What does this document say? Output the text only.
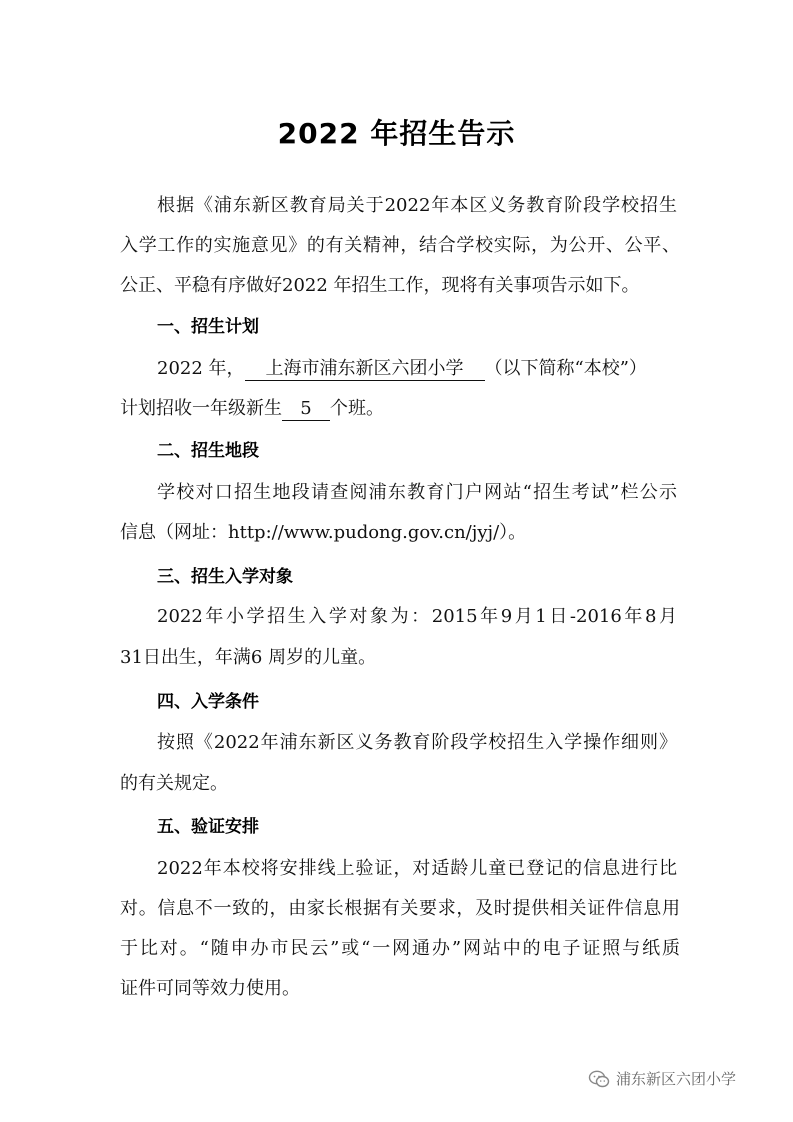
2022 年招生告示
根据《浦东新区教育局关于2022年本区义务教育阶段学校招生
入学工作的实施意见》的有关精神，结合学校实际，为公开、公平、
公正、平稳有序做好2022 年招生工作，现将有关事项告示如下。
一、招生计划
2022 年， 上海市浦东新区六团小学 （以下简称“本校”）
计划招收一年级新生 5 个班。
二、招生地段
学校对口招生地段请查阅浦东教育门户网站“招生考试”栏公示
信息（网址：http://www.pudong.gov.cn/jyj/）。
三、招生入学对象
2022年小学招生入学对象为：2015年9月1日-2016年8月
31日出生，年满6 周岁的儿童。
四、入学条件
按照《2022年浦东新区义务教育阶段学校招生入学操作细则》
的有关规定。
五、验证安排
2022年本校将安排线上验证，对适龄儿童已登记的信息进行比
对。信息不一致的，由家长根据有关要求，及时提供相关证件信息用
于比对。“随申办市民云”或“一网通办”网站中的电子证照与纸质
证件可同等效力使用。
浦东新区六团小学
